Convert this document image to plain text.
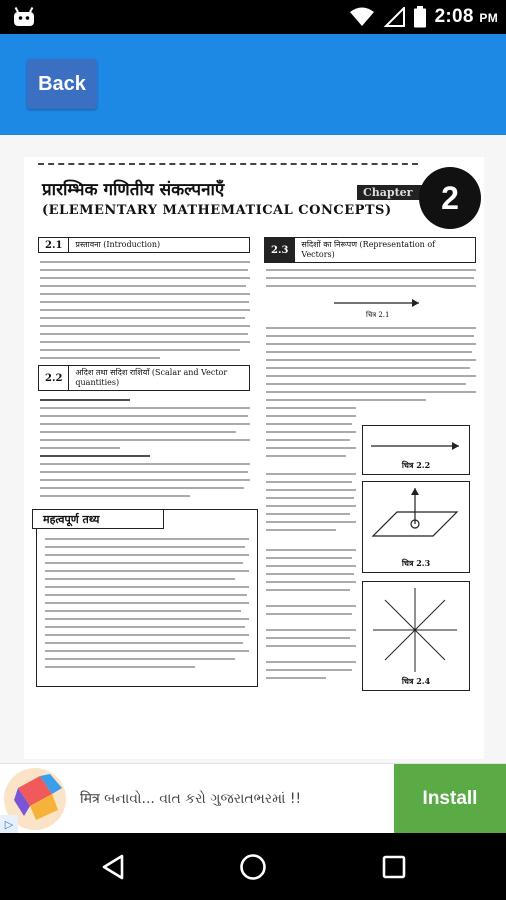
2:08 PM
Back
प्रारम्भिक गणितीय संकल्पनाएँ
(ELEMENTARY MATHEMATICAL CONCEPTS)
Chapter 2
2.1	प्रस्तावना (Introduction)
2.2
अदिश तथा सदिश राशियाँ (Scalar and Vector quantities)
महत्वपूर्ण तथ्य
2.3
सदिशों का निरूपण (Representation of Vectors)
चित्र 2.1
चित्र 2.2
चित्र 2.3
चित्र 2.4
▷
मित्र બનાવો... વાત કરો ગુજરાતભરમાં !!	Install
